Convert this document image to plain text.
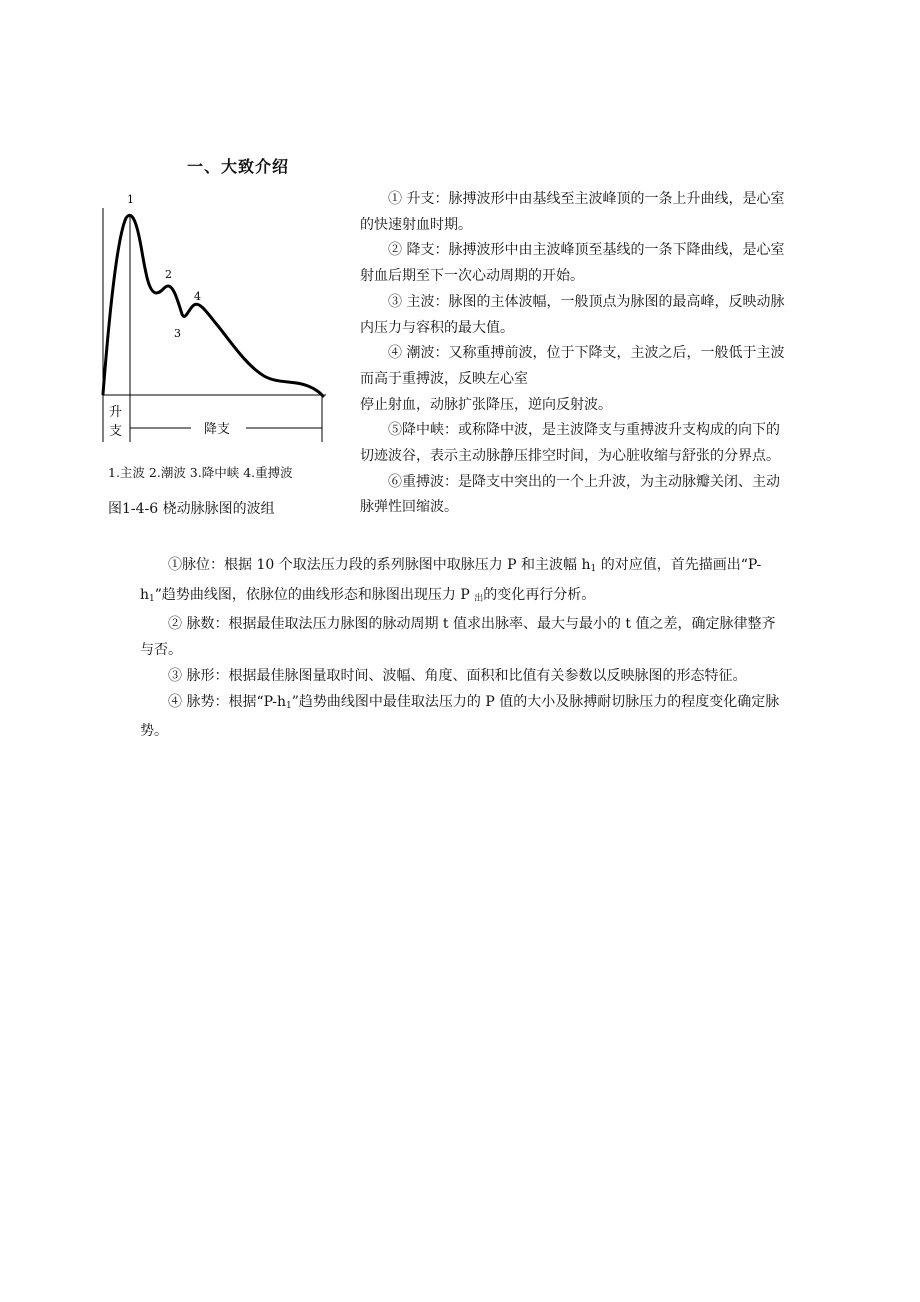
一、大致介绍
1
2
3
4
升
支	降支
1.主波 2.潮波 3.降中峡 4.重搏波
图1-4-6 桡动脉脉图的波组

① 升支：脉搏波形中由基线至主波峰顶的一条上升曲线，是心室的快速射血时期。

② 降支：脉搏波形中由主波峰顶至基线的一条下降曲线，是心室射血后期至下一次心动周期的开始。

③ 主波：脉图的主体波幅，一般顶点为脉图的最高峰，反映动脉内压力与容积的最大值。

④ 潮波：又称重搏前波，位于下降支，主波之后，一般低于主波而高于重搏波，反映左心室

停止射血，动脉扩张降压，逆向反射波。

⑤降中峡：或称降中波，是主波降支与重搏波升支构成的向下的切迹波谷，表示主动脉静压排空时间，为心脏收缩与舒张的分界点。

⑥重搏波：是降支中突出的一个上升波，为主动脉瓣关闭、主动脉弹性回缩波。

①脉位：根据 10 个取法压力段的系列脉图中取脉压力 P 和主波幅 $h_1$ 的对应值，首先描画出“$P-h_1$”趋势曲线图，依脉位的曲线形态和脉图出现压力 P $_出$的变化再行分析。

② 脉数：根据最佳取法压力脉图的脉动周期 t 值求出脉率、最大与最小的 t 值之差，确定脉律整齐与否。

③ 脉形：根据最佳脉图量取时间、波幅、角度、面积和比值有关参数以反映脉图的形态特征。

④ 脉势：根据“$P-h_1$”趋势曲线图中最佳取法压力的 P 值的大小及脉搏耐切脉压力的程度变化确定脉势。
